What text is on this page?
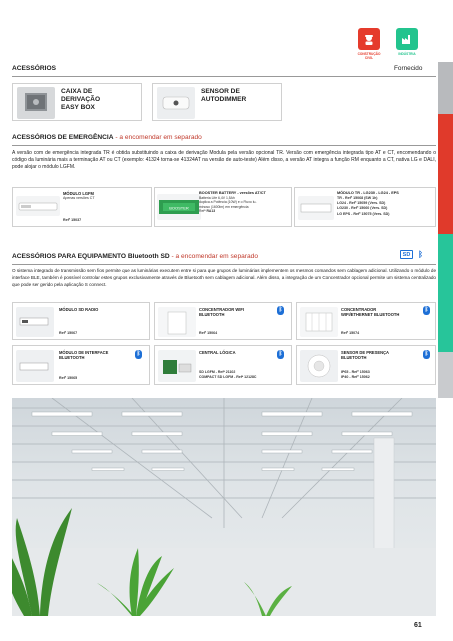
CONSTRUÇÃO CIVIL
INDÚSTRIA
ACESSÓRIOS	Fornecido
CAIXA DE
DERIVAÇÃO
EASY BOX
SENSOR DE
AUTODIMMER
ACESSÓRIOS DE EMERGÊNCIA - a encomendar em separado
A versão com de emergência integrada TR é obtida substituindo a caixa de derivação Modula pela versão opcional TR. Versão com emergência integrada tipo AT e CT, encomendando o código da luminária mais a terminação AT ou CT (exemplo: 41324 torna-se 41324AT na versão de auto-teste) Além disso, a versão AT integra a função RM enquanto a CT, nativa LG e DALI, pode alojar o módulo LGFM.
MÓDULO LGFM
Apenas versões CT
Refª 15037
BOOSTER
BOOSTER BATTERY - versões AT/CT
Batteria Life 6,4V 1,5Ah
duplica a Potência (10W) e o Fluxo lu-
minoso (1600lm) em emergência
Refª RA13
MÓDULO TR - LG230 - LG24 - EPS
TR - Refª 15068 (SW 1h)
LG24 - Refª 15059 (Vers. SD)
LG230 - Refª 15060 (Vers. SD)
LG EPS - Refª 15075 (Vers. SD)
ACESSÓRIOS PARA EQUIPAMENTO Bluetooth SD - a encomendar em separado	SD ᛒ
O sistema integrado de transmissão sem fios permite que as luminárias executem entre si para que grupos de luminárias implementem os mesmos comandos sem cablagem adicional. Utilizando o módulo de interface BLE, também é possível controlar estes grupos exclusivamente através de Bluetooth sem cablagem adicional. Além disso, a integração de um Concentrador opcional permite um sistema centralizado que pode ser gerido pela aplicação S connect.
MÓDULO SD RADIO
Refª 15067
CONCENTRADOR WIFI
BLUETOOTH
ᛒ
Refª 15064
CONCENTRADOR
WIFI/ETHERNET BLUETOOTH
ᛒ
Refª 15074
MÓDULO DE INTERFACE
BLUETOOTH
ᛒ
Refª 15065
CENTRAL LÓGICA	ᛒ
SD LGFM - Refª 21102
COMPACT SD LGFM - Refª 12128C
SENSOR DE PRESENÇA
BLUETOOTH
ᛒ
IP65 - Refª 15063
IP40 - Refª 15062
61
